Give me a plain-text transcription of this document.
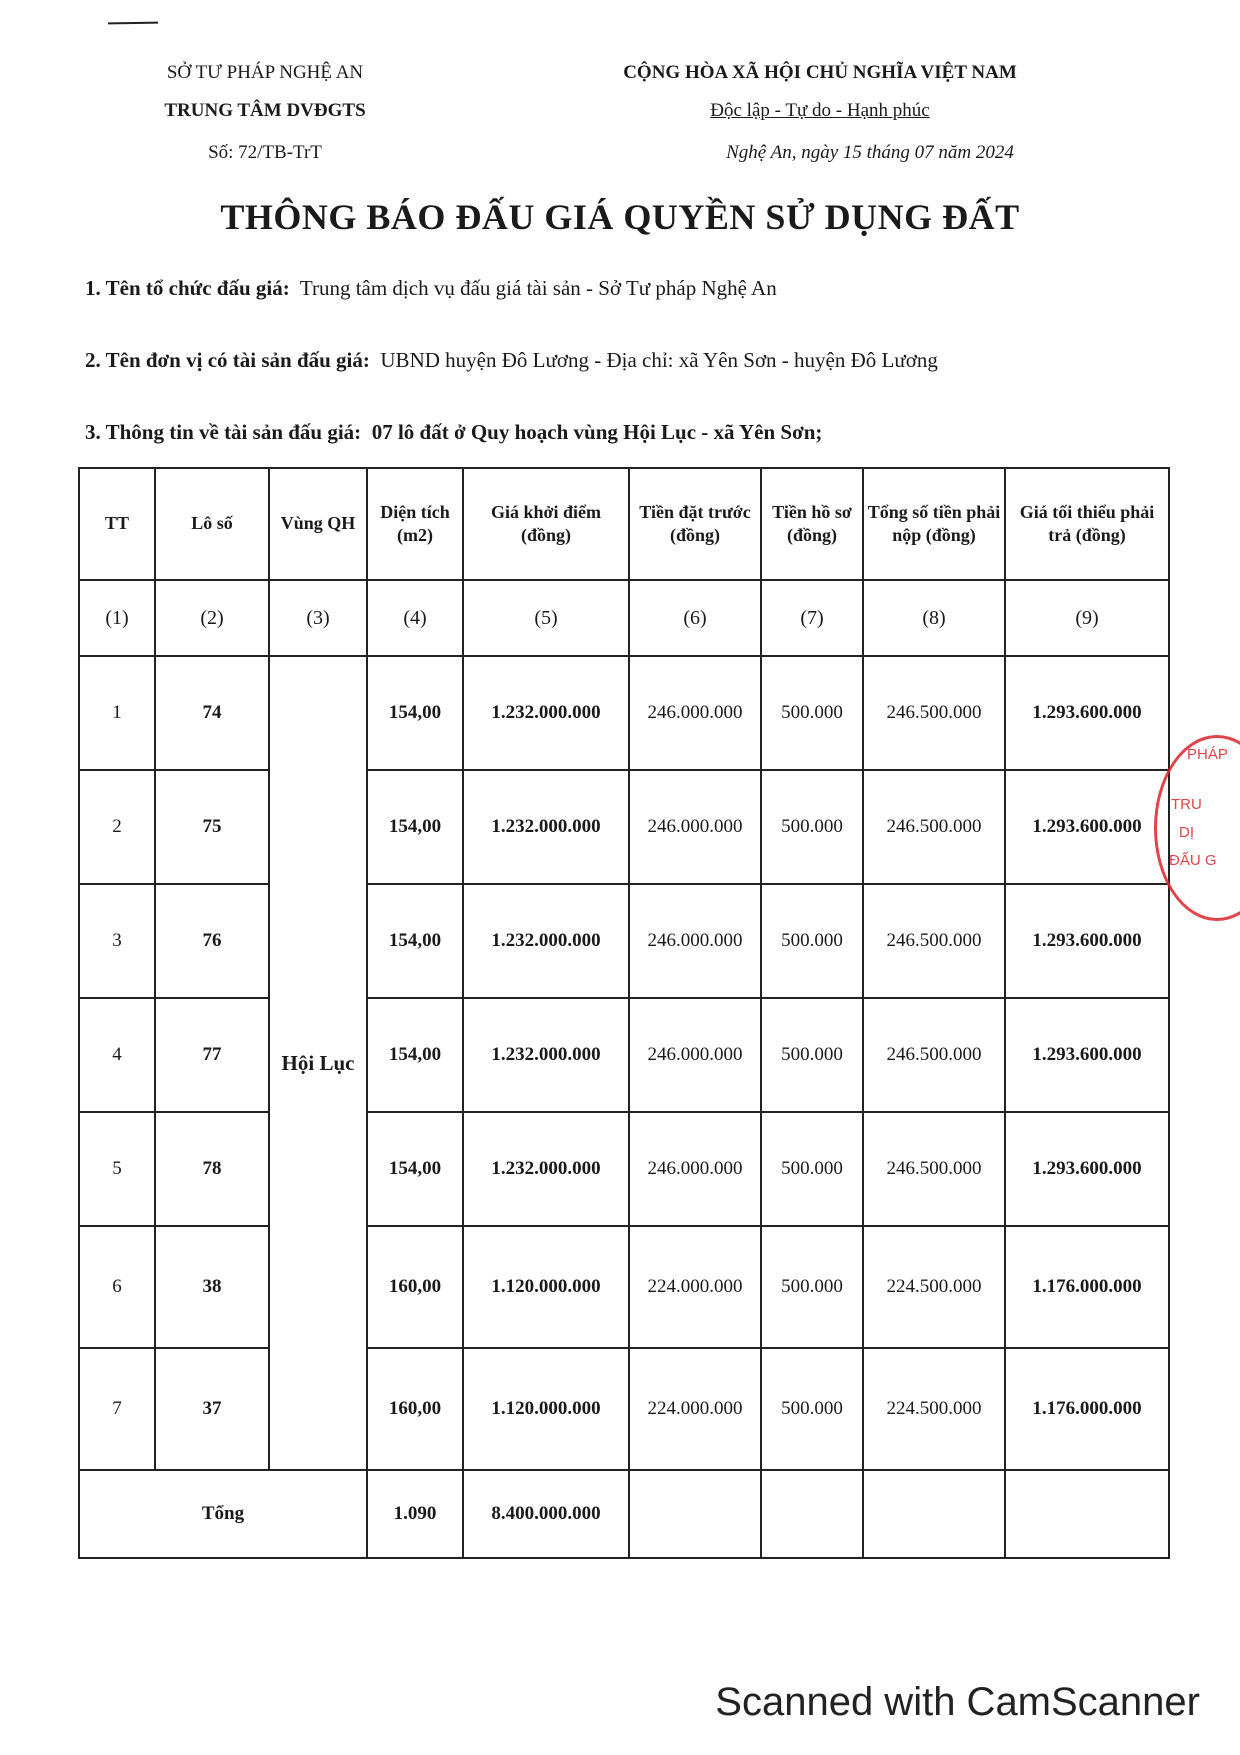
SỞ TƯ PHÁP NGHỆ AN
TRUNG TÂM DVĐGTS
Số: 72/TB-TrT
CỘNG HÒA XÃ HỘI CHỦ NGHĨA VIỆT NAM
Độc lập - Tự do - Hạnh phúc
Nghệ An, ngày 15 tháng 07 năm 2024
THÔNG BÁO ĐẤU GIÁ QUYỀN SỬ DỤNG ĐẤT
1. Tên tổ chức đấu giá: Trung tâm dịch vụ đấu giá tài sản - Sở Tư pháp Nghệ An
2. Tên đơn vị có tài sản đấu giá: UBND huyện Đô Lương - Địa chỉ: xã Yên Sơn - huyện Đô Lương
3. Thông tin về tài sản đấu giá: 07 lô đất ở Quy hoạch vùng Hội Lục - xã Yên Sơn;
TT	Lô số	Vùng QH	Diện tích (m2)	Giá khởi điểm (đồng)	Tiền đặt trước (đồng)	Tiền hồ sơ (đồng)	Tổng số tiền phải nộp (đồng)	Giá tối thiểu phải trả (đồng)
(1)	(2)	(3)	(4)	(5)	(6)	(7)	(8)	(9)
1	74	Hội Lục	154,00	1.232.000.000	246.000.000	500.000	246.500.000	1.293.600.000
2	75		154,00	1.232.000.000	246.000.000	500.000	246.500.000	1.293.600.000
3	76		154,00	1.232.000.000	246.000.000	500.000	246.500.000	1.293.600.000
4	77		154,00	1.232.000.000	246.000.000	500.000	246.500.000	1.293.600.000
5	78		154,00	1.232.000.000	246.000.000	500.000	246.500.000	1.293.600.000
6	38		160,00	1.120.000.000	224.000.000	500.000	224.500.000	1.176.000.000
7	37		160,00	1.120.000.000	224.000.000	500.000	224.500.000	1.176.000.000
Tổng			1.090	8.400.000.000				
PHÁP
TRU
DỊ
ĐẤU G
Scanned with CamScanner
